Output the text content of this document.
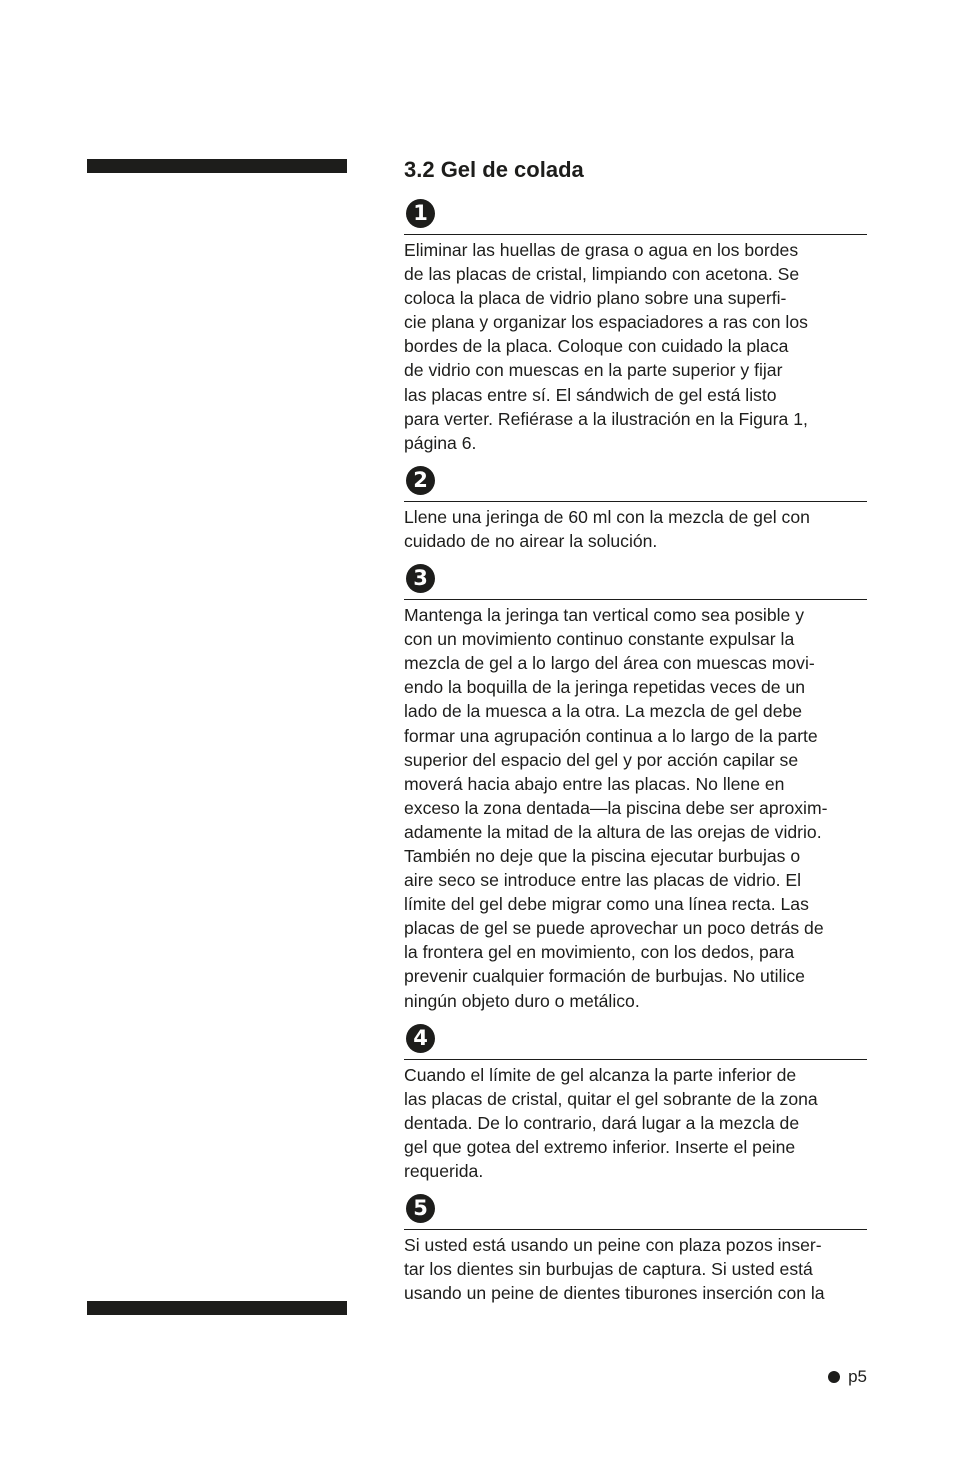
3.2 Gel de colada
1

Eliminar las huellas de grasa o agua en los bordes
de las placas de cristal, limpiando con acetona. Se
coloca la placa de vidrio plano sobre una superfi-
cie plana y organizar los espaciadores a ras con los
bordes de la placa. Coloque con cuidado la placa
de vidrio con muescas en la parte superior y fijar
las placas entre sí. El sándwich de gel está listo
para verter. Refiérase a la ilustración en la Figura 1,
página 6.

2

Llene una jeringa de 60 ml con la mezcla de gel con
cuidado de no airear la solución.

3

Mantenga la jeringa tan vertical como sea posible y
con un movimiento continuo constante expulsar la
mezcla de gel a lo largo del área con muescas movi-
endo la boquilla de la jeringa repetidas veces de un
lado de la muesca a la otra. La mezcla de gel debe
formar una agrupación continua a lo largo de la parte
superior del espacio del gel y por acción capilar se
moverá hacia abajo entre las placas. No llene en
exceso la zona dentada—la piscina debe ser aproxim-
adamente la mitad de la altura de las orejas de vidrio.
También no deje que la piscina ejecutar burbujas o
aire seco se introduce entre las placas de vidrio. El
límite del gel debe migrar como una línea recta. Las
placas de gel se puede aprovechar un poco detrás de
la frontera gel en movimiento, con los dedos, para
prevenir cualquier formación de burbujas. No utilice
ningún objeto duro o metálico.

4

Cuando el límite de gel alcanza la parte inferior de
las placas de cristal, quitar el gel sobrante de la zona
dentada. De lo contrario, dará lugar a la mezcla de
gel que gotea del extremo inferior. Inserte el peine
requerida.

5

Si usted está usando un peine con plaza pozos inser-
tar los dientes sin burbujas de captura. Si usted está
usando un peine de dientes tiburones inserción con la

p5
